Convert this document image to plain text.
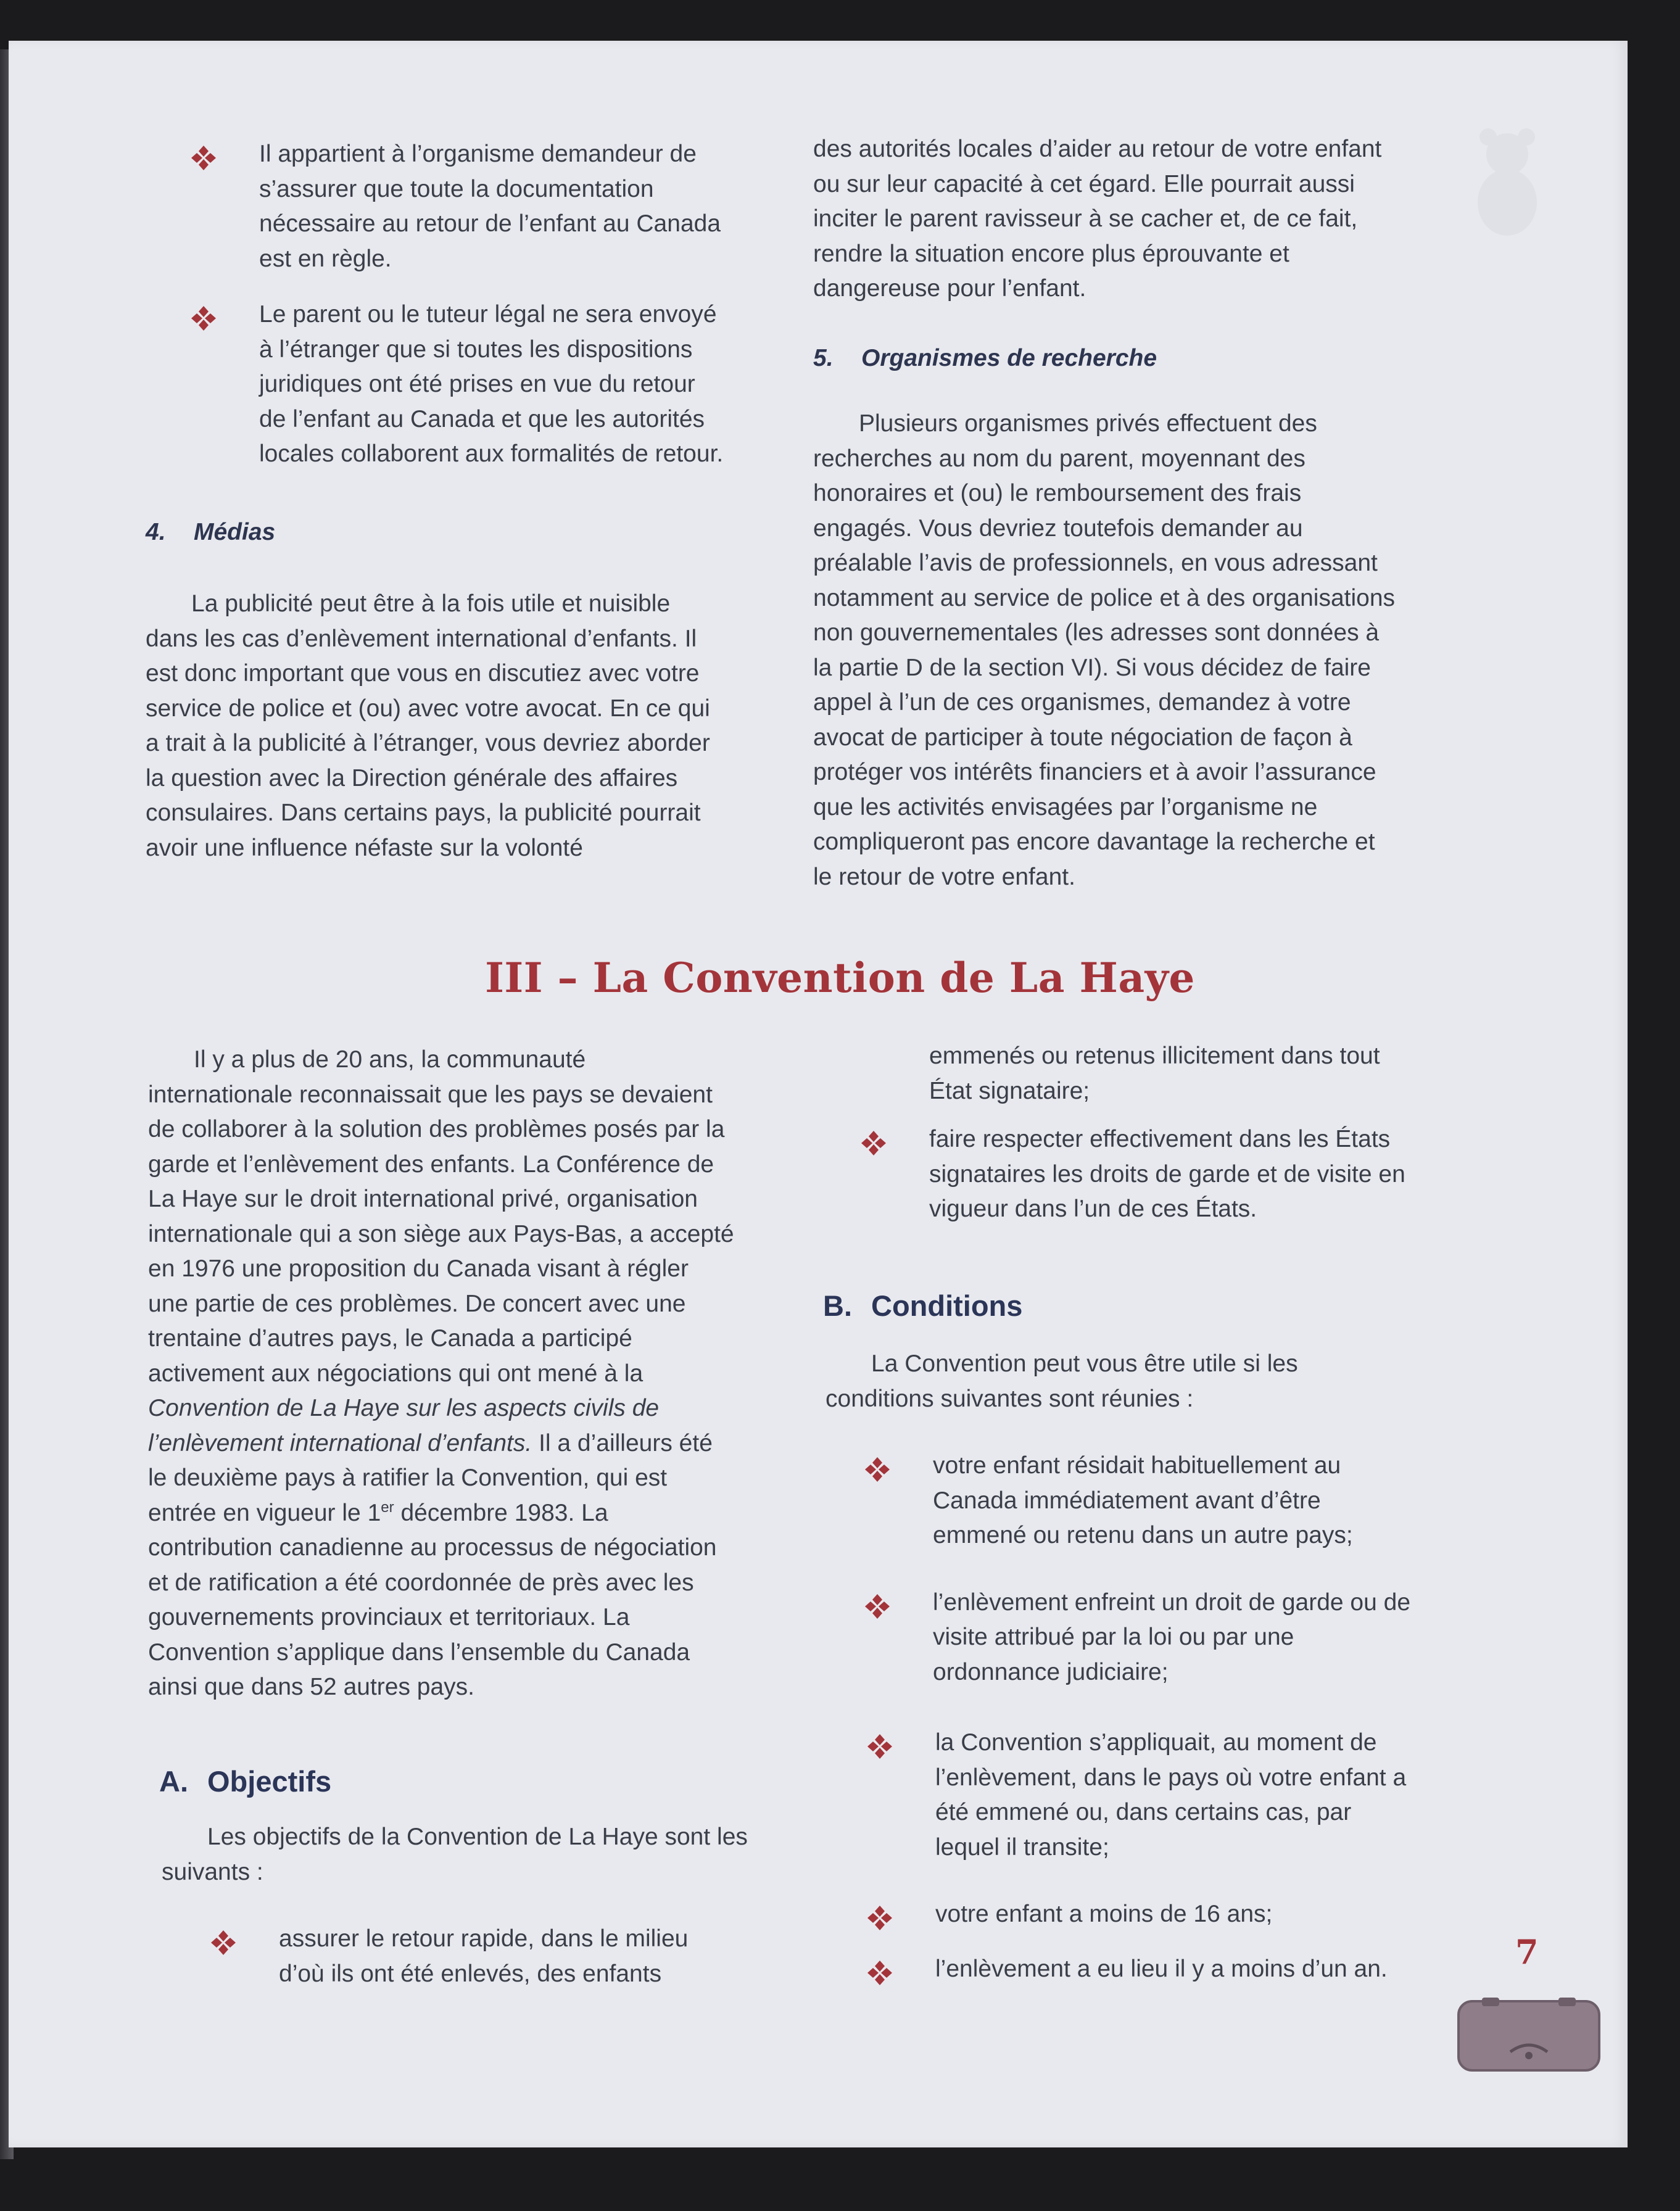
Il appartient à l’organisme demandeur de s’assurer que toute la documentation nécessaire au retour de l’enfant au Canada est en règle.

Le parent ou le tuteur légal ne sera envoyé à l’étranger que si toutes les dispositions juridiques ont été prises en vue du retour de l’enfant au Canada et que les autorités locales collaborent aux formalités de retour.

4. Médias

La publicité peut être à la fois utile et nuisible dans les cas d’enlèvement international d’enfants. Il est donc important que vous en discutiez avec votre service de police et (ou) avec votre avocat. En ce qui a trait à la publicité à l’étranger, vous devriez aborder la question avec la Direction générale des affaires consulaires. Dans certains pays, la publicité pourrait avoir une influence néfaste sur la volonté

des autorités locales d’aider au retour de votre enfant ou sur leur capacité à cet égard. Elle pourrait aussi inciter le parent ravisseur à se cacher et, de ce fait, rendre la situation encore plus éprouvante et dangereuse pour l’enfant.

5. Organismes de recherche

Plusieurs organismes privés effectuent des recherches au nom du parent, moyennant des honoraires et (ou) le remboursement des frais engagés. Vous devriez toutefois demander au préalable l’avis de professionnels, en vous adressant notamment au service de police et à des organisations non gouvernementales (les adresses sont données à la partie D de la section VI). Si vous décidez de faire appel à l’un de ces organismes, demandez à votre avocat de participer à toute négociation de façon à protéger vos intérêts financiers et à avoir l’assurance que les activités envisagées par l’organisme ne compliqueront pas encore davantage la recherche et le retour de votre enfant.

III – La Convention de La Haye

Il y a plus de 20 ans, la communauté internationale reconnaissait que les pays se devaient de collaborer à la solution des problèmes posés par la garde et l’enlèvement des enfants. La Conférence de La Haye sur le droit international privé, organisation internationale qui a son siège aux Pays-Bas, a accepté en 1976 une proposition du Canada visant à régler une partie de ces problèmes. De concert avec une trentaine d’autres pays, le Canada a participé activement aux négociations qui ont mené à la Convention de La Haye sur les aspects civils de l’enlèvement international d’enfants. Il a d’ailleurs été le deuxième pays à ratifier la Convention, qui est entrée en vigueur le 1er décembre 1983. La contribution canadienne au processus de négociation et de ratification a été coordonnée de près avec les gouvernements provinciaux et territoriaux. La Convention s’applique dans l’ensemble du Canada ainsi que dans 52 autres pays.

A. Objectifs

Les objectifs de la Convention de La Haye sont les suivants :

assurer le retour rapide, dans le milieu d’où ils ont été enlevés, des enfants

emmenés ou retenus illicitement dans tout État signataire;

faire respecter effectivement dans les États signataires les droits de garde et de visite en vigueur dans l’un de ces États.

B. Conditions

La Convention peut vous être utile si les conditions suivantes sont réunies :

votre enfant résidait habituellement au Canada immédiatement avant d’être emmené ou retenu dans un autre pays;

l’enlèvement enfreint un droit de garde ou de visite attribué par la loi ou par une ordonnance judiciaire;

la Convention s’appliquait, au moment de l’enlèvement, dans le pays où votre enfant a été emmené ou, dans certains cas, par lequel il transite;

votre enfant a moins de 16 ans;

l’enlèvement a eu lieu il y a moins d’un an.	7
